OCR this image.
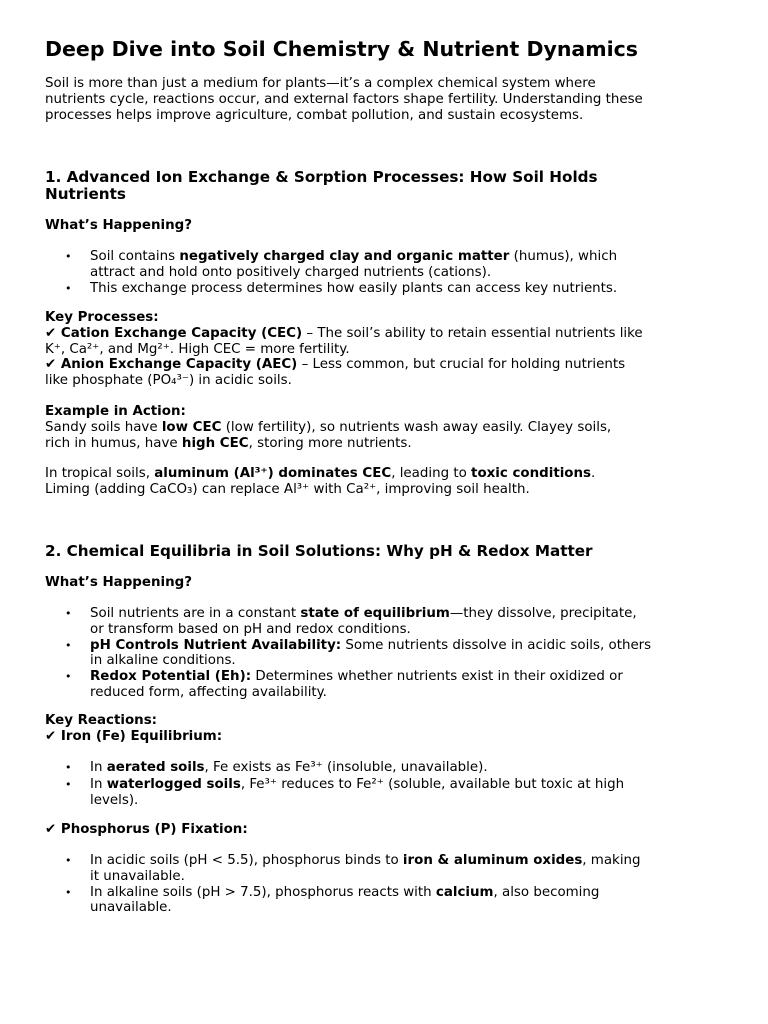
Deep Dive into Soil Chemistry & Nutrient Dynamics

Soil is more than just a medium for plants—it’s a complex chemical system where
nutrients cycle, reactions occur, and external factors shape fertility. Understanding these
processes helps improve agriculture, combat pollution, and sustain ecosystems.

1. Advanced Ion Exchange & Sorption Processes: How Soil Holds
Nutrients

What’s Happening?

• Soil contains negatively charged clay and organic matter (humus), which
attract and hold onto positively charged nutrients (cations).
• This exchange process determines how easily plants can access key nutrients.

Key Processes:
✔ Cation Exchange Capacity (CEC) – The soil’s ability to retain essential nutrients like
K⁺, Ca²⁺, and Mg²⁺. High CEC = more fertility.
✔ Anion Exchange Capacity (AEC) – Less common, but crucial for holding nutrients
like phosphate (PO₄³⁻) in acidic soils.

Example in Action:
Sandy soils have low CEC (low fertility), so nutrients wash away easily. Clayey soils,
rich in humus, have high CEC, storing more nutrients.

In tropical soils, aluminum (Al³⁺) dominates CEC, leading to toxic conditions.
Liming (adding CaCO₃) can replace Al³⁺ with Ca²⁺, improving soil health.

2. Chemical Equilibria in Soil Solutions: Why pH & Redox Matter

What’s Happening?

• Soil nutrients are in a constant state of equilibrium—they dissolve, precipitate,
or transform based on pH and redox conditions.
• pH Controls Nutrient Availability: Some nutrients dissolve in acidic soils, others
in alkaline conditions.
• Redox Potential (Eh): Determines whether nutrients exist in their oxidized or
reduced form, affecting availability.

Key Reactions:
✔ Iron (Fe) Equilibrium:

• In aerated soils, Fe exists as Fe³⁺ (insoluble, unavailable).
• In waterlogged soils, Fe³⁺ reduces to Fe²⁺ (soluble, available but toxic at high
levels).

✔ Phosphorus (P) Fixation:

• In acidic soils (pH < 5.5), phosphorus binds to iron & aluminum oxides, making
it unavailable.
• In alkaline soils (pH > 7.5), phosphorus reacts with calcium, also becoming
unavailable.
